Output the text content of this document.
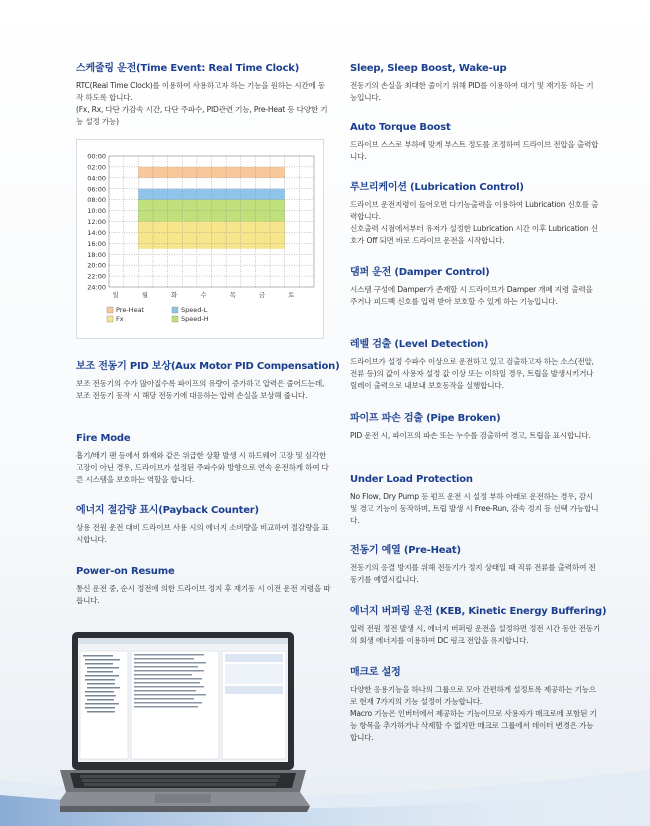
스케줄링 운전(Time Event: Real Time Clock)

RTC(Real Time Clock)를 이용하여 사용하고자 하는 기능을 원하는 시간에 동작 하도록 합니다.

(Fx, Rx, 다단 가감속 시간, 다단 주파수, PID관련 기능, Pre-Heat 등 다양한 기능 설정 가능)

보조 전동기 PID 보상(Aux Motor PID Compensation)

보조 전동기의 수가 많아질수록 파이프의 유량이 증가하고 압력은 줄어드는데, 보조 전동기 동작 시 해당 전동기에 대응하는 압력 손실을 보상해 줍니다.

Fire Mode

흡기/배기 팬 등에서 화재와 같은 위급한 상황 발생 시 하드웨어 고장 및 심각한 고장이 아닌 경우, 드라이브가 설정된 주파수와 방향으로 연속 운전하게 하여 다른 시스템을 보호하는 역할을 합니다.

에너지 절감량 표시(Payback Counter)

상용 전원 운전 대비 드라이브 사용 시의 에너지 소비량을 비교하여 절감량을 표시합니다.

Power-on Resume

통신 운전 중, 순시 정전에 의한 드라이브 정지 후 재기동 시 이전 운전 지령을 따릅니다.

00:00
02:00
04:00
06:00
08:00
10:00
12:00
14:00
16:00
18:00
20:00
22:00
24:00
일	월	화	수	목	금	토
Pre-Heat	Speed-L
Fx	Speed-H
Sleep, Sleep Boost, Wake-up

전동기의 손실을 최대한 줄이기 위해 PID를 이용하여 대기 및 재기동 하는 기능입니다.

Auto Torque Boost

드라이브 스스로 부하에 맞게 부스트 정도를 조정하여 드라이브 전압을 출력합니다.

루브리케이션 (Lubrication Control)

드라이브 운전지령이 들어오면 다기능출력을 이용하여 Lubrication 신호를 출력합니다.

신호출력 시점에서부터 유저가 설정한 Lubrication 시간 이후 Lubrication 신호가 Off 되면 바로 드라이브 운전을 시작합니다.

댐퍼 운전 (Damper Control)

시스템 구성에 Damper가 존재할 시 드라이브가 Damper 개폐 지령 출력을 주거나 피드백 신호를 입력 받아 보호할 수 있게 하는 기능입니다.

레벨 검출 (Level Detection)

드라이브가 설정 수파수 이상으로 운전하고 있고 검출하고자 하는 소스(전압, 전류 등)의 값이 사용자 설정 값 이상 또는 이하일 경우, 트립을 발생시키거나 릴레이 출력으로 내보내 보호동작을 실행합니다.

파이프 파손 검출 (Pipe Broken)

PID 운전 시, 파이프의 파손 또는 누수를 검출하여 경고, 트립을 표시합니다.

Under Load Protection

No Flow, Dry Pump 등 펌프 운전 시 설정 부하 아래로 운전하는 경우, 감시 및 경고 기능이 동작하며, 트립 발생 시 Free-Run, 감속 정지 등 선택 가능합니다.

전동기 예열 (Pre-Heat)

전동기의 응결 방지를 위해 전동기가 정지 상태일 때 직류 전류를 출력하여 전동기를 예열시킵니다.

에너지 버퍼링 운전 (KEB, Kinetic Energy Buffering)

입력 전원 정전 발생 시, 에너지 버퍼링 운전을 설정하면 정전 시간 동안 전동기의 회생 에너지를 이용하여 DC 링크 전압을 유지합니다.

매크로 설정

다양한 응용기능을 하나의 그룹으로 모아 간편하게 설정토록 제공하는 기능으로 현재 7가지의 기능 설정이 가능합니다.

Macro 기능은 인버터에서 제공하는 기능이므로 사용자가 매크로에 포함된 기능 항목을 추가하거나 삭제할 수 없지만 매크로 그룹에서 데이터 변경은 가능합니다.
